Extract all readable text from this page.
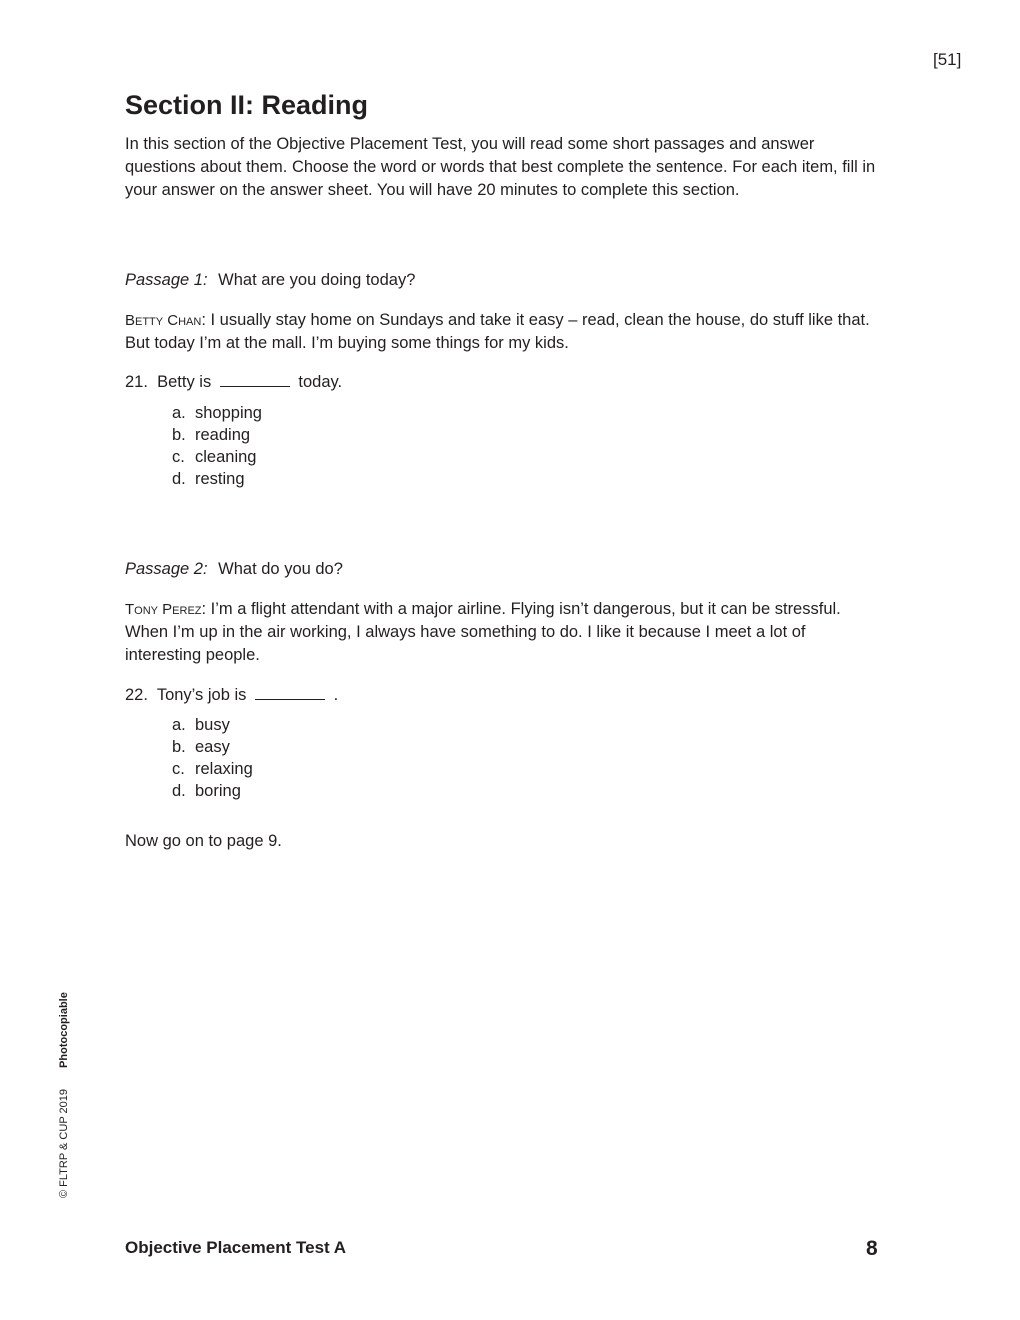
[51]
Section II: Reading

In this section of the Objective Placement Test, you will read some short passages and answer questions about them. Choose the word or words that best complete the sentence. For each item, fill in your answer on the answer sheet. You will have 20 minutes to complete this section.

Passage 1: What are you doing today?

Betty Chan: I usually stay home on Sundays and take it easy – read, clean the house, do stuff like that. But today I’m at the mall. I’m buying some things for my kids.

21. Betty is	today.

a. shopping
b. reading
c. cleaning
d. resting

Passage 2: What do you do?

Tony Perez: I’m a flight attendant with a major airline. Flying isn’t dangerous, but it can be stressful. When I’m up in the air working, I always have something to do. I like it because I meet a lot of interesting people.

22. Tony’s job is	.

a. busy
b. easy
c. relaxing
d. boring

Now go on to page 9.

© FLTRP & CUP 2019 Photocopiable

Objective Placement Test A	8
